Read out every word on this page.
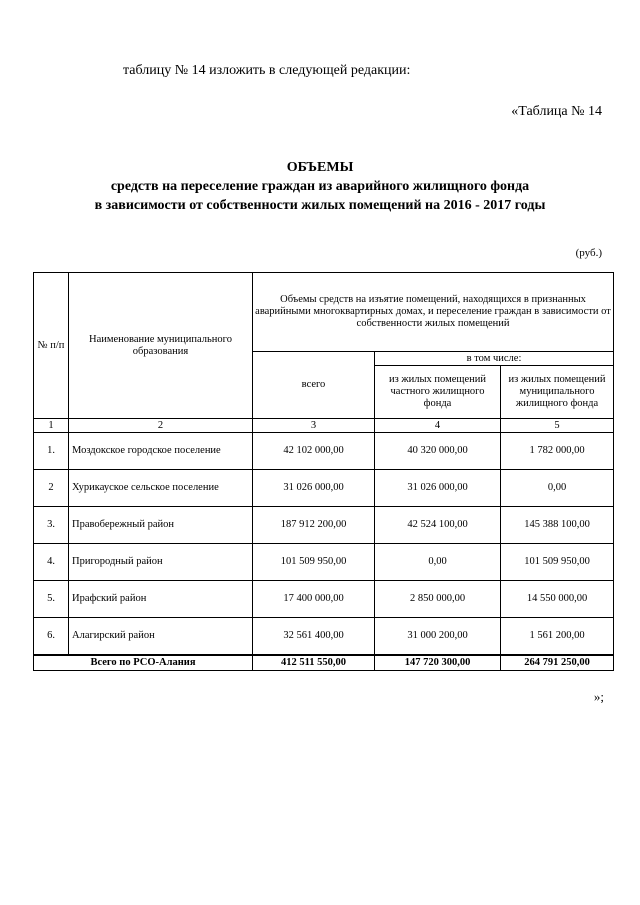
таблицу № 14 изложить в следующей редакции:
«Таблица № 14
ОБЪЕМЫ
средств на переселение граждан из аварийного жилищного фонда
в зависимости от собственности жилых помещений на 2016 - 2017 годы
(руб.)
№ п/п	Наименование муниципального образования	Объемы средств на изъятие помещений, находящихся в признанных аварийными многоквартирных домах, и переселение граждан в зависимости от собственности жилых помещений		
		всего	в том числе:	
			из жилых помещений частного жилищного фонда	из жилых помещений муниципального жилищного фонда
1	2	3	4	5
1.	Моздокское городское поселение	42 102 000,00	40 320 000,00	1 782 000,00
2	Хурикауское сельское поселение	31 026 000,00	31 026 000,00	0,00
3.	Правобережный район	187 912 200,00	42 524 100,00	145 388 100,00
4.	Пригородный район	101 509 950,00	0,00	101 509 950,00
5.	Ирафский район	17 400 000,00	2 850 000,00	14 550 000,00
6.	Алагирский район	32 561 400,00	31 000 200,00	1 561 200,00
Всего по РСО-Алания		412 511 550,00	147 720 300,00	264 791 250,00
»;
